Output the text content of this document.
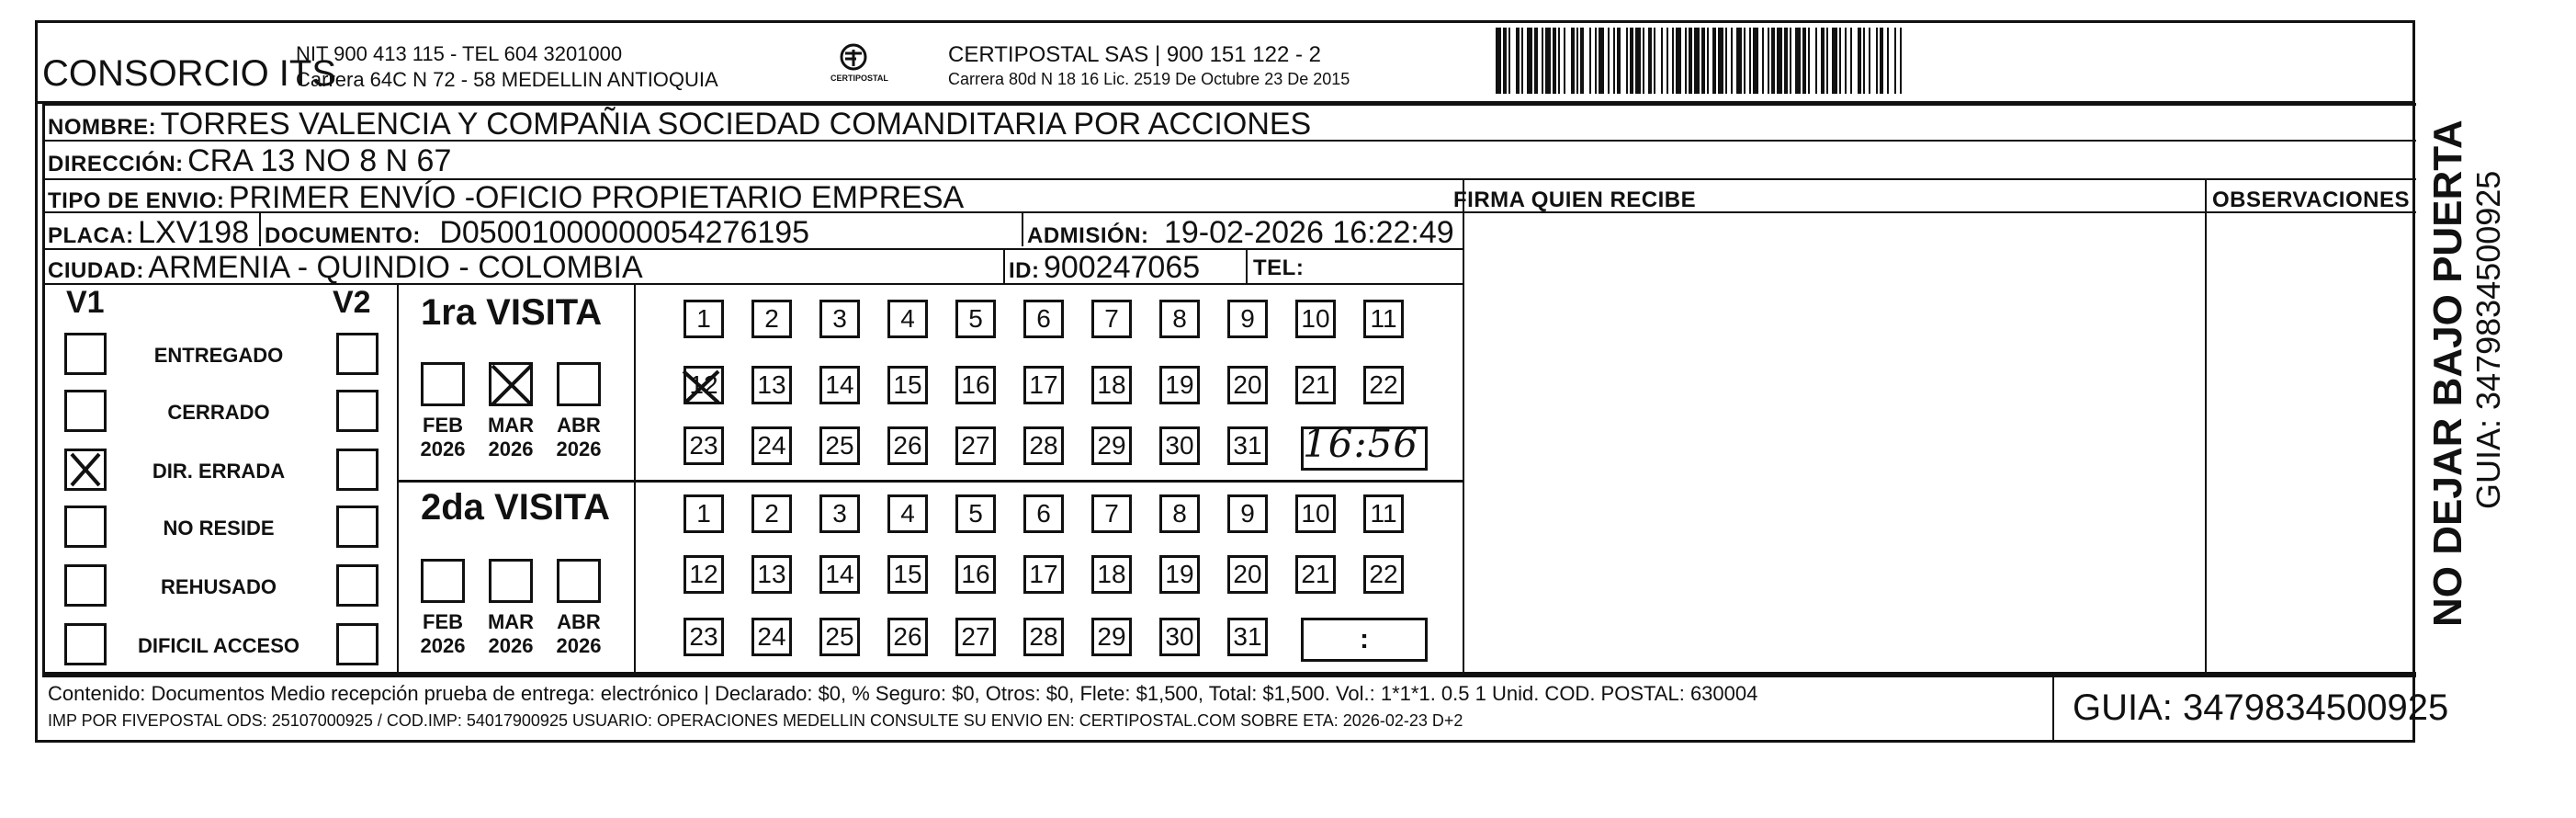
CONSORCIO ITS
NIT 900 413 115 - TEL 604 3201000
Carrera 64C N 72 - 58 MEDELLIN ANTIOQUIA	CERTIPOSTAL
CERTIPOSTAL SAS | 900 151 122 - 2
Carrera 80d N 18 16 Lic. 2519 De Octubre 23 De 2015
NOMBRE: TORRES VALENCIA Y COMPAÑIA SOCIEDAD COMANDITARIA POR ACCIONES
DIRECCIÓN: CRA 13 NO 8 N 67
TIPO DE ENVIO: PRIMER ENVÍO -OFICIO PROPIETARIO EMPRESA	FIRMA QUIEN RECIBE	OBSERVACIONES
PLACA: LXV198 DOCUMENTO: D05001000000054276195	ADMISIÓN: 19-02-2026 16:22:49
CIUDAD: ARMENIA - QUINDIO - COLOMBIA	ID: 900247065 TEL:
V1	V2
ENTREGADO
CERRADO
DIR. ERRADA
NO RESIDE
REHUSADO
DIFICIL ACCESO
1ra VISITA
2da VISITA
FEB
2026
MAR
2026
ABR
2026
FEB
2026
MAR
2026
ABR
2026
1	2	3	4	5	6	7	8	9	10 11
12 13 14 15 16 17 18 19 20 21 22
23 24 25 26 27 28 29 30 31
1	2	3	4	5	6	7	8	9	10 11
12 13 14 15 16 17 18 19 20 21 22
23 24 25 26 27 28 29 30 31
16:56
:
Contenido: Documentos Medio recepción prueba de entrega: electrónico | Declarado: $0, % Seguro: $0, Otros: $0, Flete: $1,500, Total: $1,500. Vol.: 1*1*1. 0.5 1 Unid. COD. POSTAL: 630004
IMP POR FIVEPOSTAL ODS: 25107000925 / COD.IMP: 54017900925 USUARIO: OPERACIONES MEDELLIN CONSULTE SU ENVIO EN: CERTIPOSTAL.COM SOBRE ETA: 2026-02-23 D+2	GUIA: 3479834500925
NO DEJAR BAJO PUERTA GUIA: 3479834500925
